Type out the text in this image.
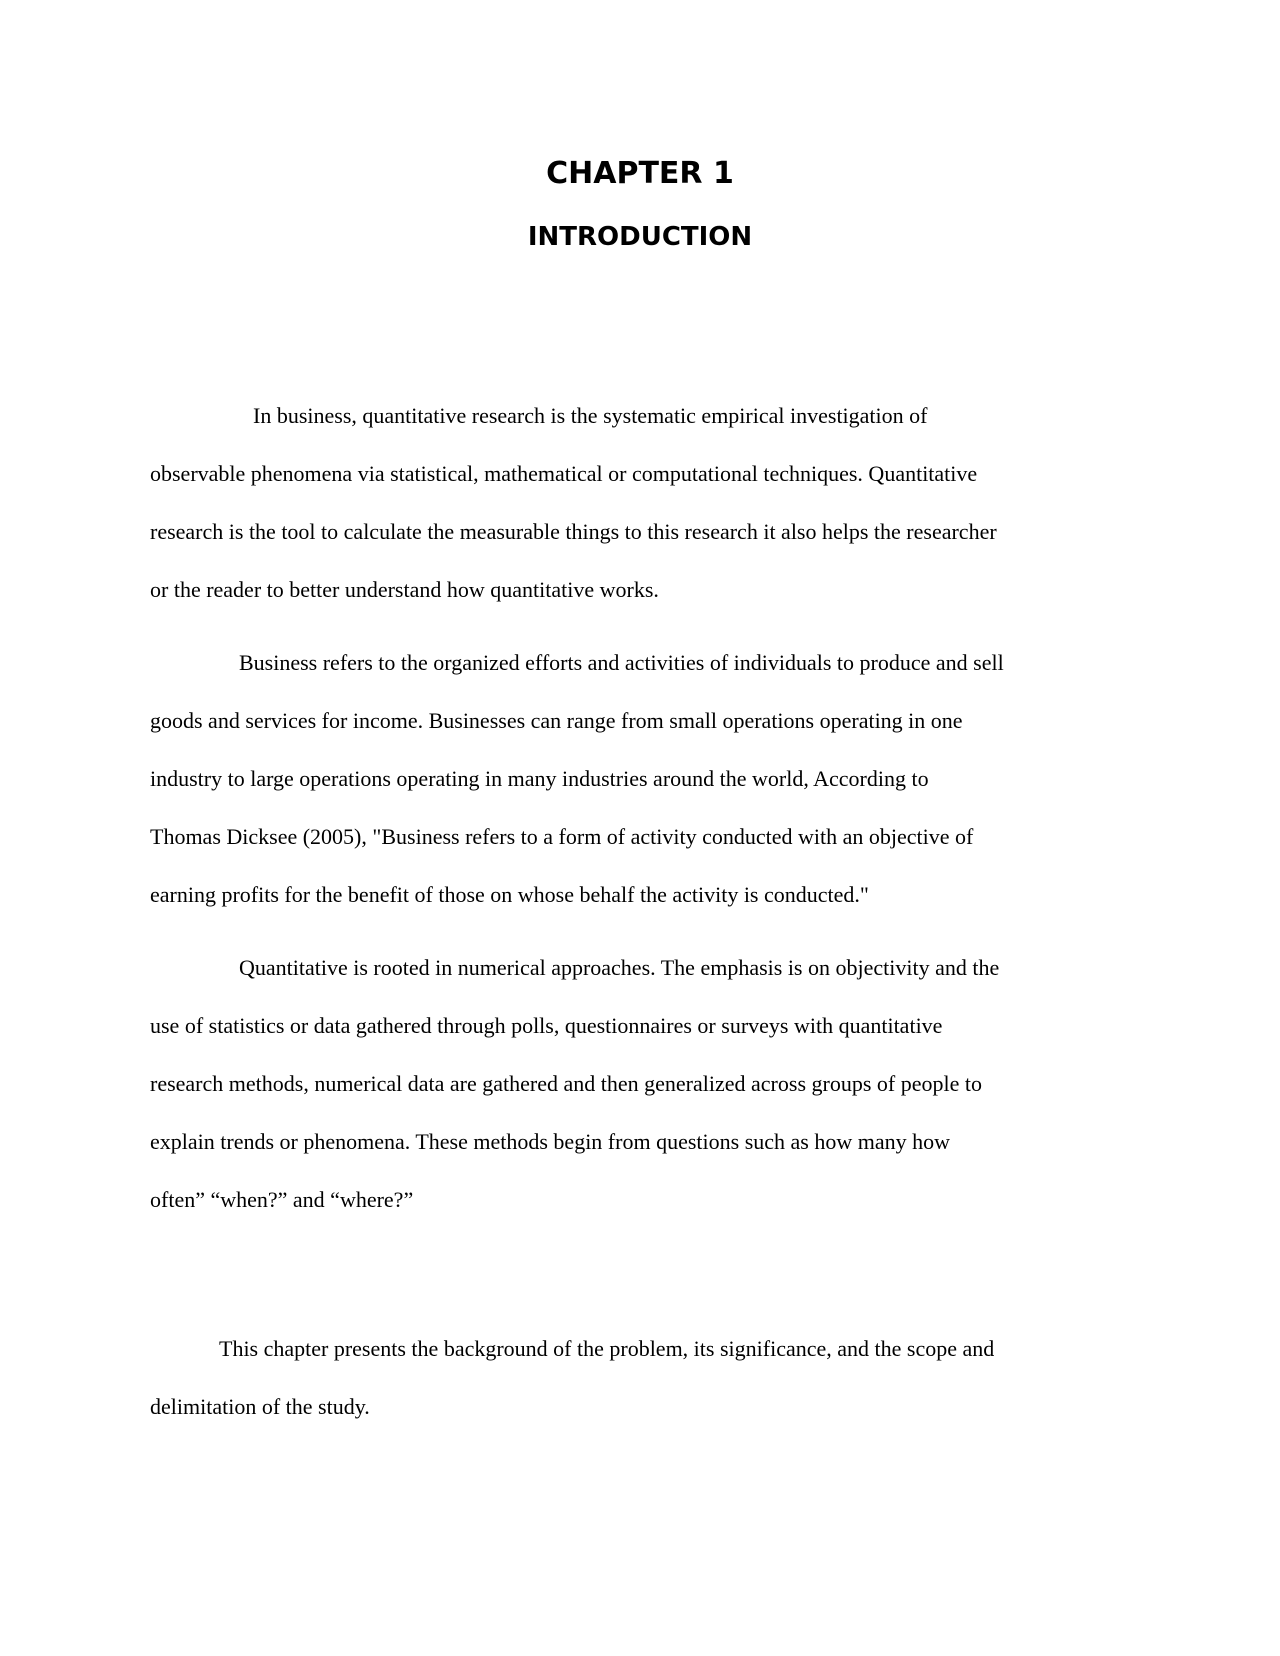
CHAPTER 1
INTRODUCTION

In business, quantitative research is the systematic empirical investigation of
observable phenomena via statistical, mathematical or computational techniques. Quantitative
research is the tool to calculate the measurable things to this research it also helps the researcher
or the reader to better understand how quantitative works.

Business refers to the organized efforts and activities of individuals to produce and sell
goods and services for income. Businesses can range from small operations operating in one
industry to large operations operating in many industries around the world, According to
Thomas Dicksee (2005), "Business refers to a form of activity conducted with an objective of
earning profits for the benefit of those on whose behalf the activity is conducted."

Quantitative is rooted in numerical approaches. The emphasis is on objectivity and the
use of statistics or data gathered through polls, questionnaires or surveys with quantitative
research methods, numerical data are gathered and then generalized across groups of people to
explain trends or phenomena. These methods begin from questions such as how many how
often” “when?” and “where?”

This chapter presents the background of the problem, its significance, and the scope and
delimitation of the study.
